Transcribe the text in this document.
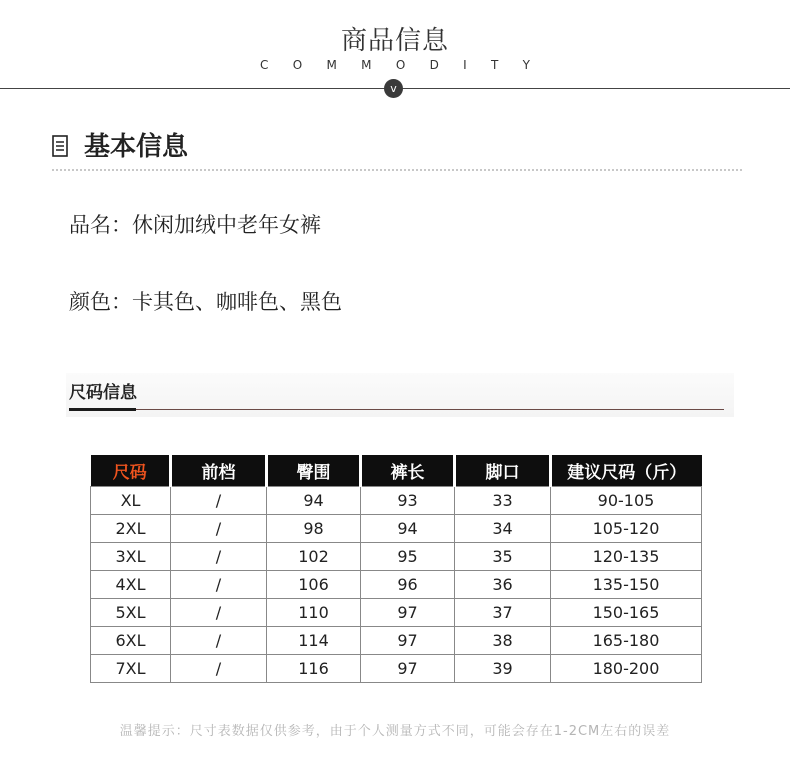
商品信息
C O M M O D I T Y
v
基本信息
品名：休闲加绒中老年女裤
颜色：卡其色、咖啡色、黑色
尺码信息
尺码	前档	臀围	裤长	脚口	建议尺码（斤）
XL	/	94	93	33	90-105
2XL	/	98	94	34	105-120
3XL	/	102	95	35	120-135
4XL	/	106	96	36	135-150
5XL	/	110	97	37	150-165
6XL	/	114	97	38	165-180
7XL	/	116	97	39	180-200
温馨提示：尺寸表数据仅供参考，由于个人测量方式不同，可能会存在1-2CM左右的误差
